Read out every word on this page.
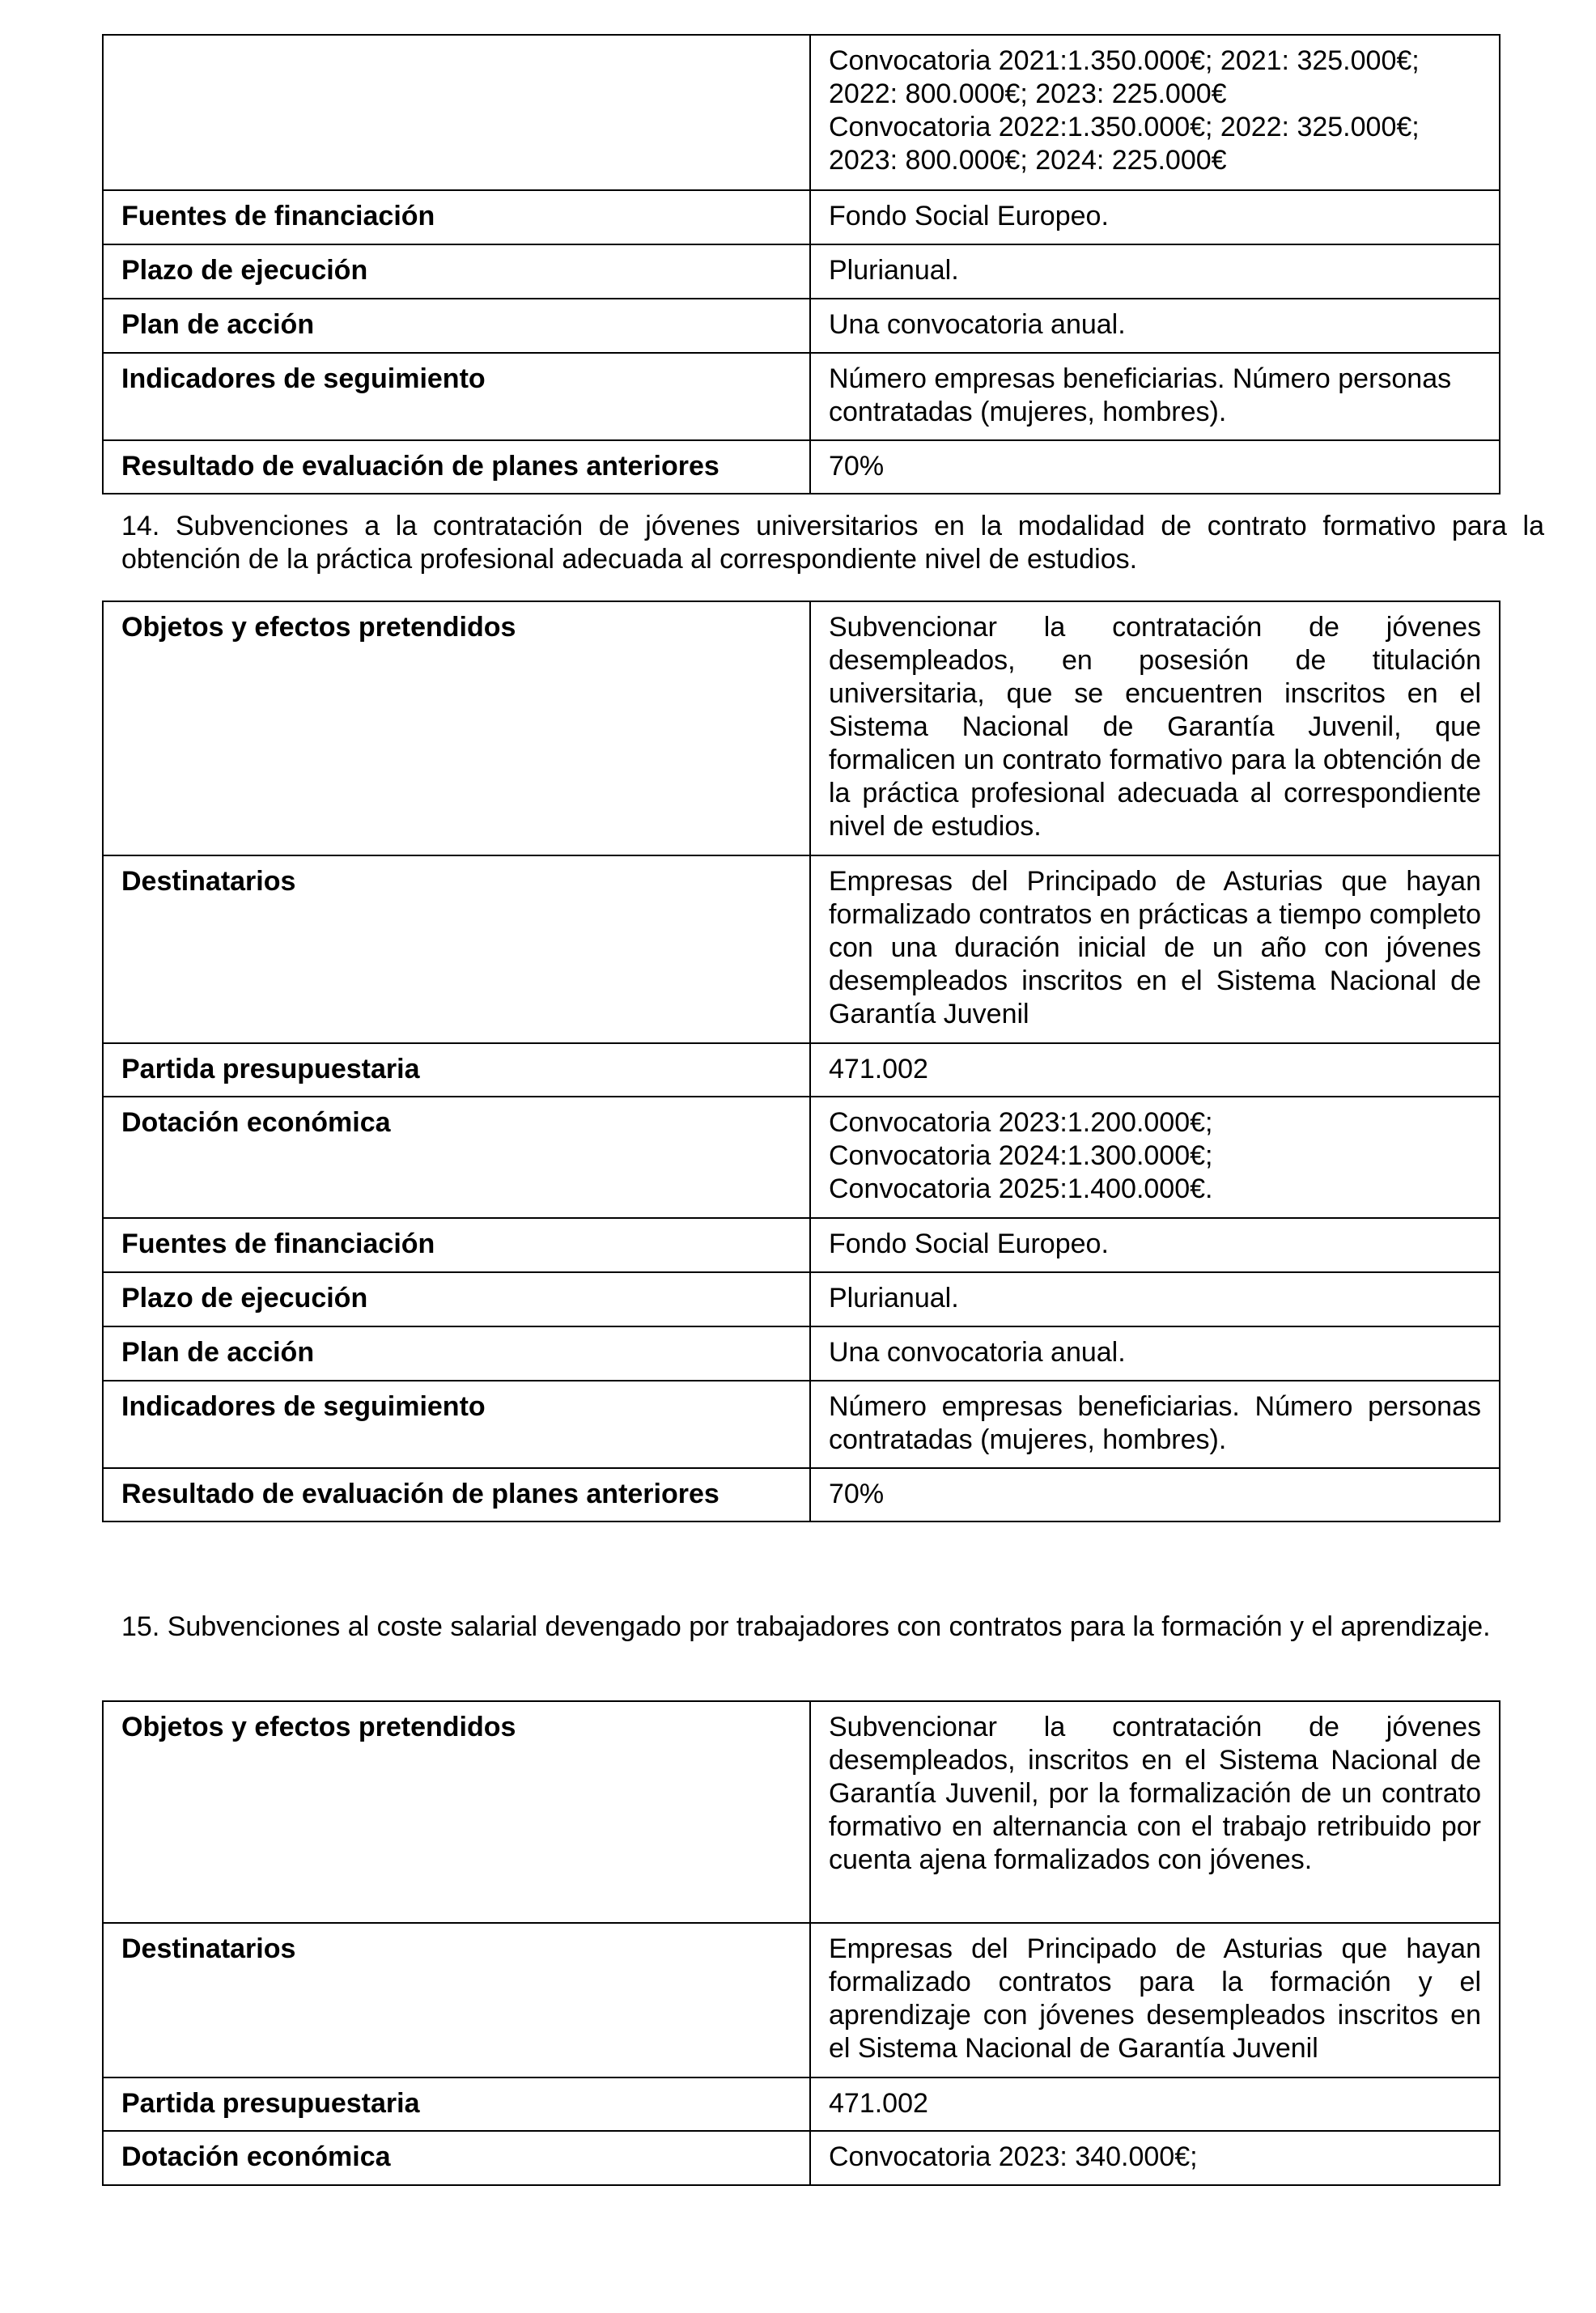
	Convocatoria 2021:1.350.000€; 2021: 325.000€;
2022: 800.000€; 2023: 225.000€
Convocatoria 2022:1.350.000€; 2022: 325.000€;
2023: 800.000€; 2024: 225.000€

Fuentes de financiación	Fondo Social Europeo.
Plazo de ejecución	Plurianual.
Plan de acción	Una convocatoria anual.
Indicadores de seguimiento	Número empresas beneficiarias. Número personas contratadas (mujeres, hombres).
Resultado de evaluación de planes anteriores	70%
14. Subvenciones a la contratación de jóvenes universitarios en la modalidad de contrato formativo para la obtención de la práctica profesional adecuada al correspondiente nivel de estudios.
Objetos y efectos pretendidos	Subvencionar la contratación de jóvenes desempleados, en posesión de titulación universitaria, que se encuentren inscritos en el Sistema Nacional de Garantía Juvenil, que formalicen un contrato formativo para la obtención de la práctica profesional adecuada al correspondiente nivel de estudios.
Destinatarios	Empresas del Principado de Asturias que hayan formalizado contratos en prácticas a tiempo completo con una duración inicial de un año con jóvenes desempleados inscritos en el Sistema Nacional de Garantía Juvenil
Partida presupuestaria	471.002
Dotación económica	Convocatoria 2023:1.200.000€;
Convocatoria 2024:1.300.000€;
Convocatoria 2025:1.400.000€.

Fuentes de financiación	Fondo Social Europeo.
Plazo de ejecución	Plurianual.
Plan de acción	Una convocatoria anual.
Indicadores de seguimiento	Número empresas beneficiarias. Número personas contratadas (mujeres, hombres).
Resultado de evaluación de planes anteriores	70%
15. Subvenciones al coste salarial devengado por trabajadores con contratos para la formación y el aprendizaje.
Objetos y efectos pretendidos	Subvencionar la contratación de jóvenes desempleados, inscritos en el Sistema Nacional de Garantía Juvenil, por la formalización de un contrato formativo en alternancia con el trabajo retribuido por cuenta ajena formalizados con jóvenes.
Destinatarios	Empresas del Principado de Asturias que hayan formalizado contratos para la formación y el aprendizaje con jóvenes desempleados inscritos en el Sistema Nacional de Garantía Juvenil
Partida presupuestaria	471.002
Dotación económica	Convocatoria 2023: 340.000€;
